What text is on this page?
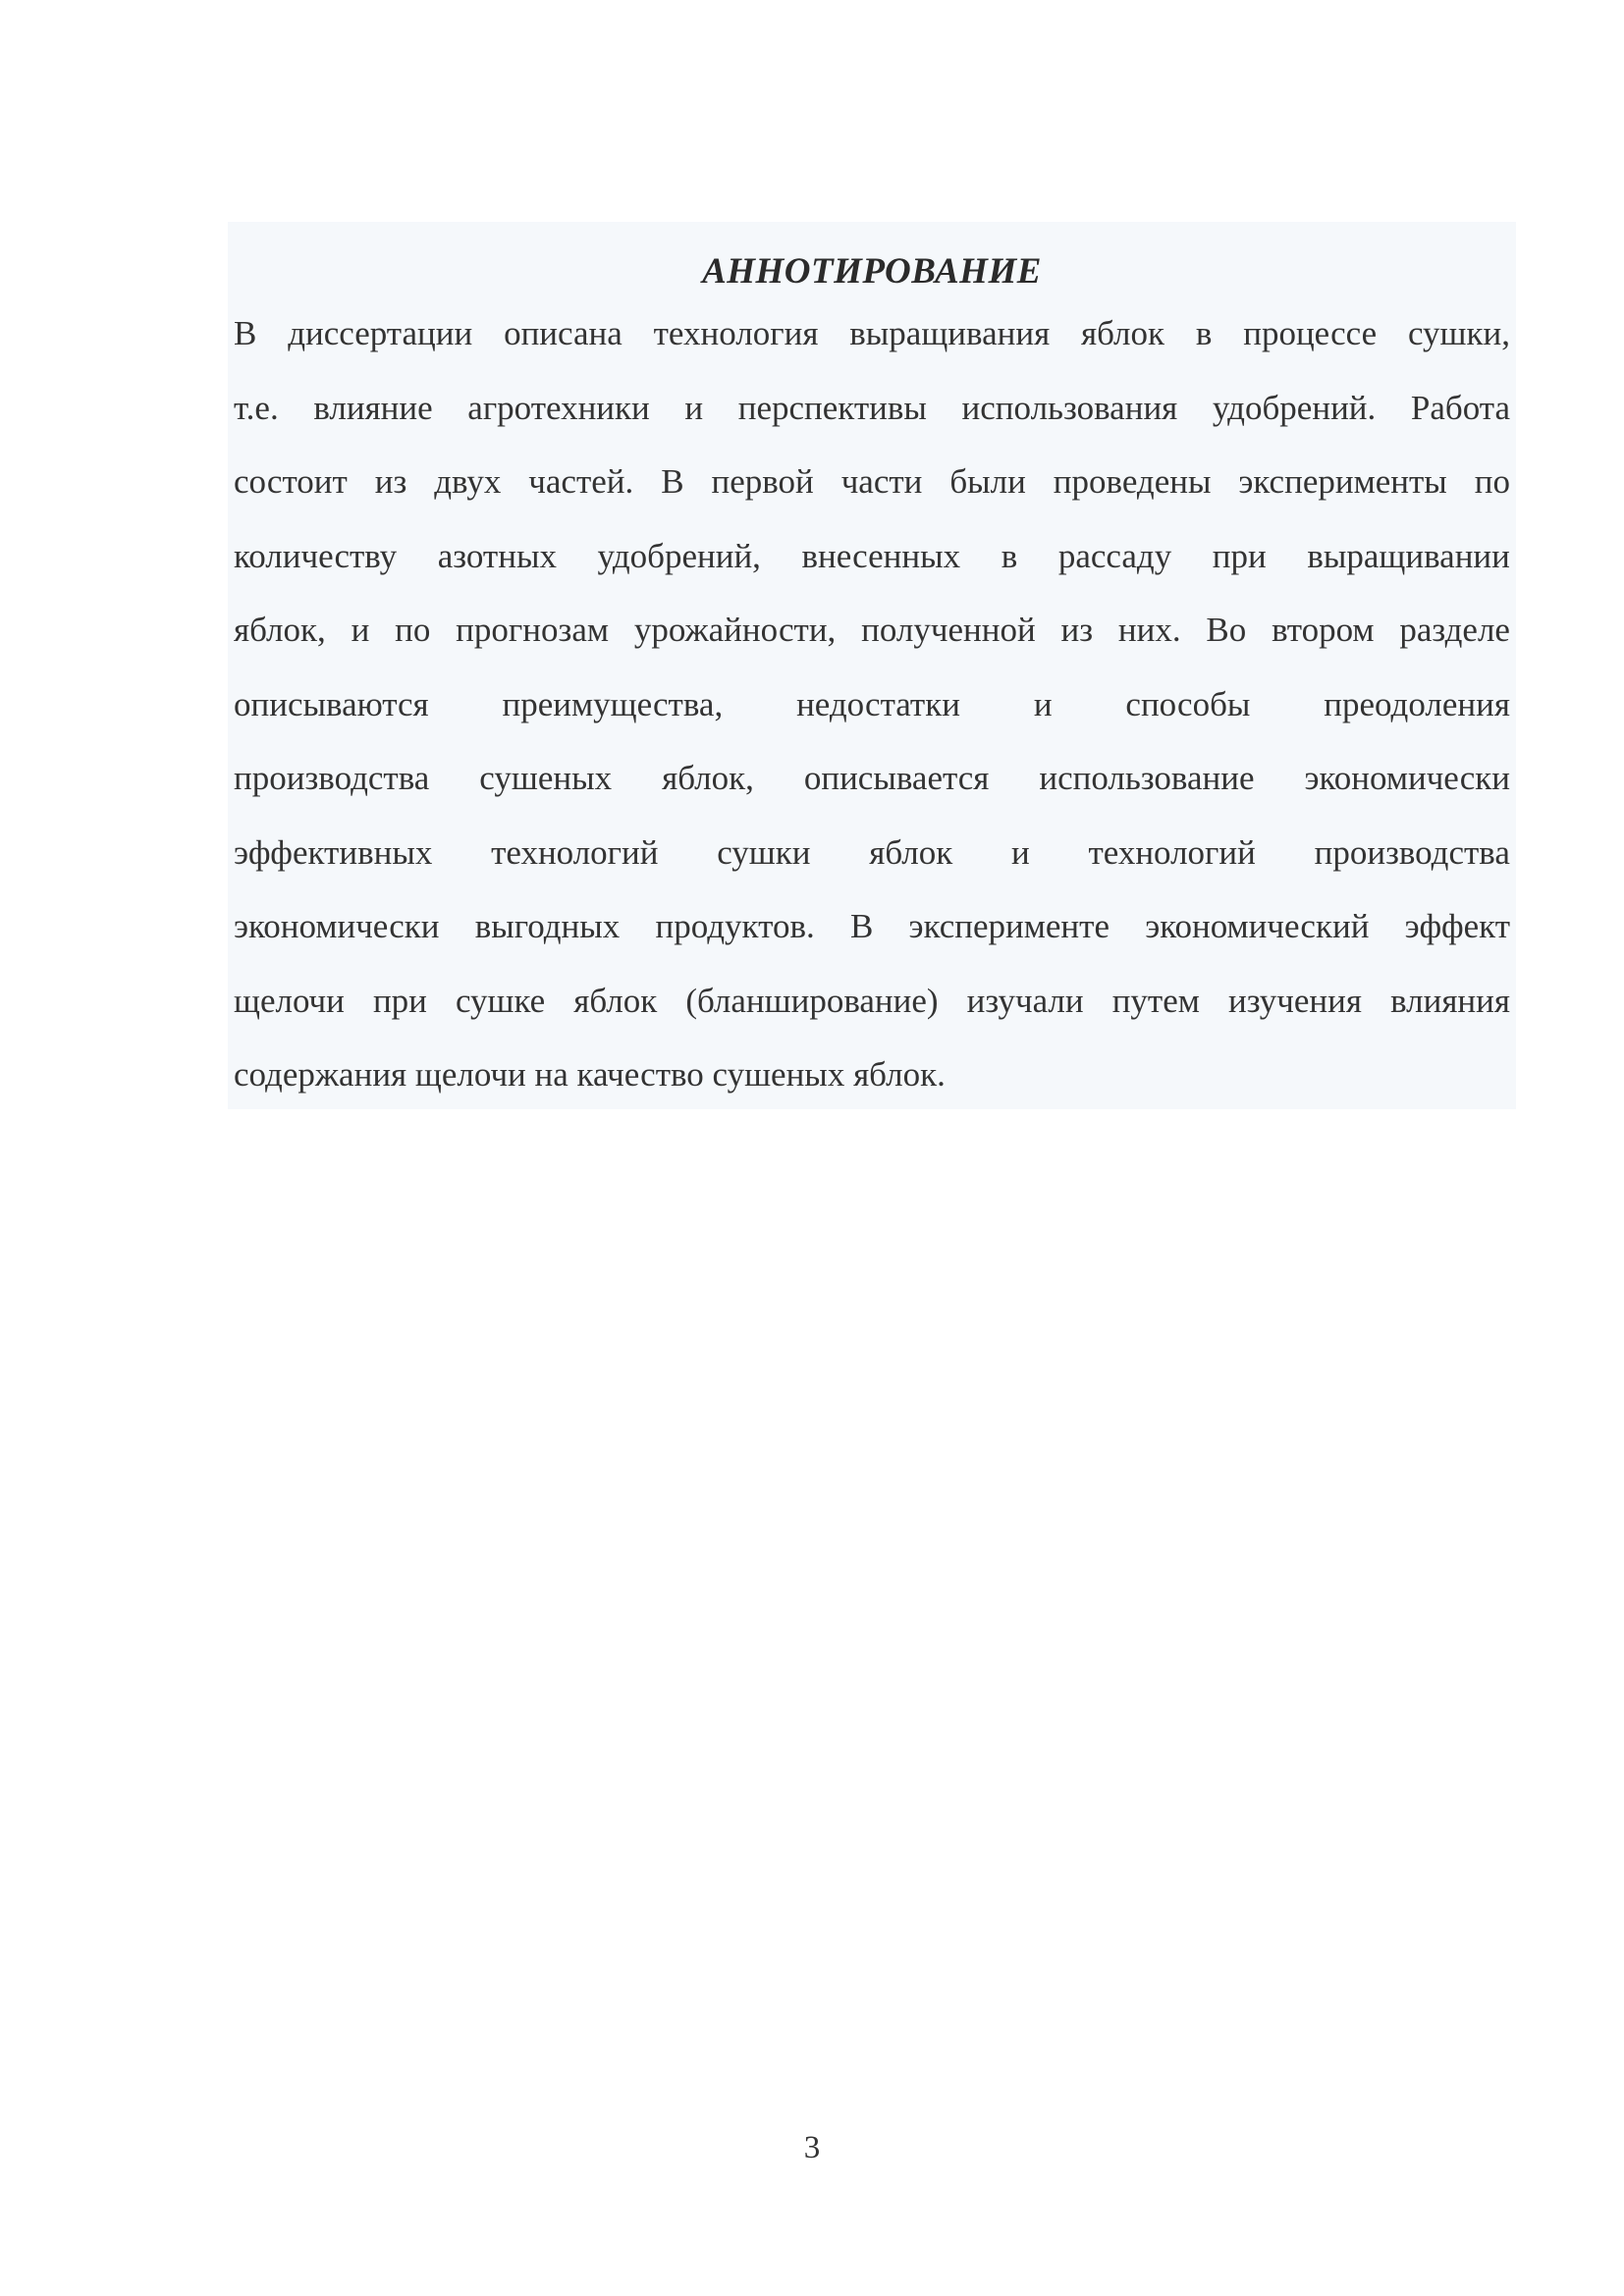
АННОТИРОВАНИЕ
В диссертации описана технология выращивания яблок в процессе сушки,
т.е. влияние агротехники и перспективы использования удобрений. Работа
состоит из двух частей. В первой части были проведены эксперименты по
количеству азотных удобрений, внесенных в рассаду при выращивании
яблок, и по прогнозам урожайности, полученной из них. Во втором разделе
описываются преимущества, недостатки и способы преодоления
производства сушеных яблок, описывается использование экономически
эффективных технологий сушки яблок и технологий производства
экономически выгодных продуктов. В эксперименте экономический эффект
щелочи при сушке яблок (бланширование) изучали путем изучения влияния
содержания щелочи на качество сушеных яблок.
3
